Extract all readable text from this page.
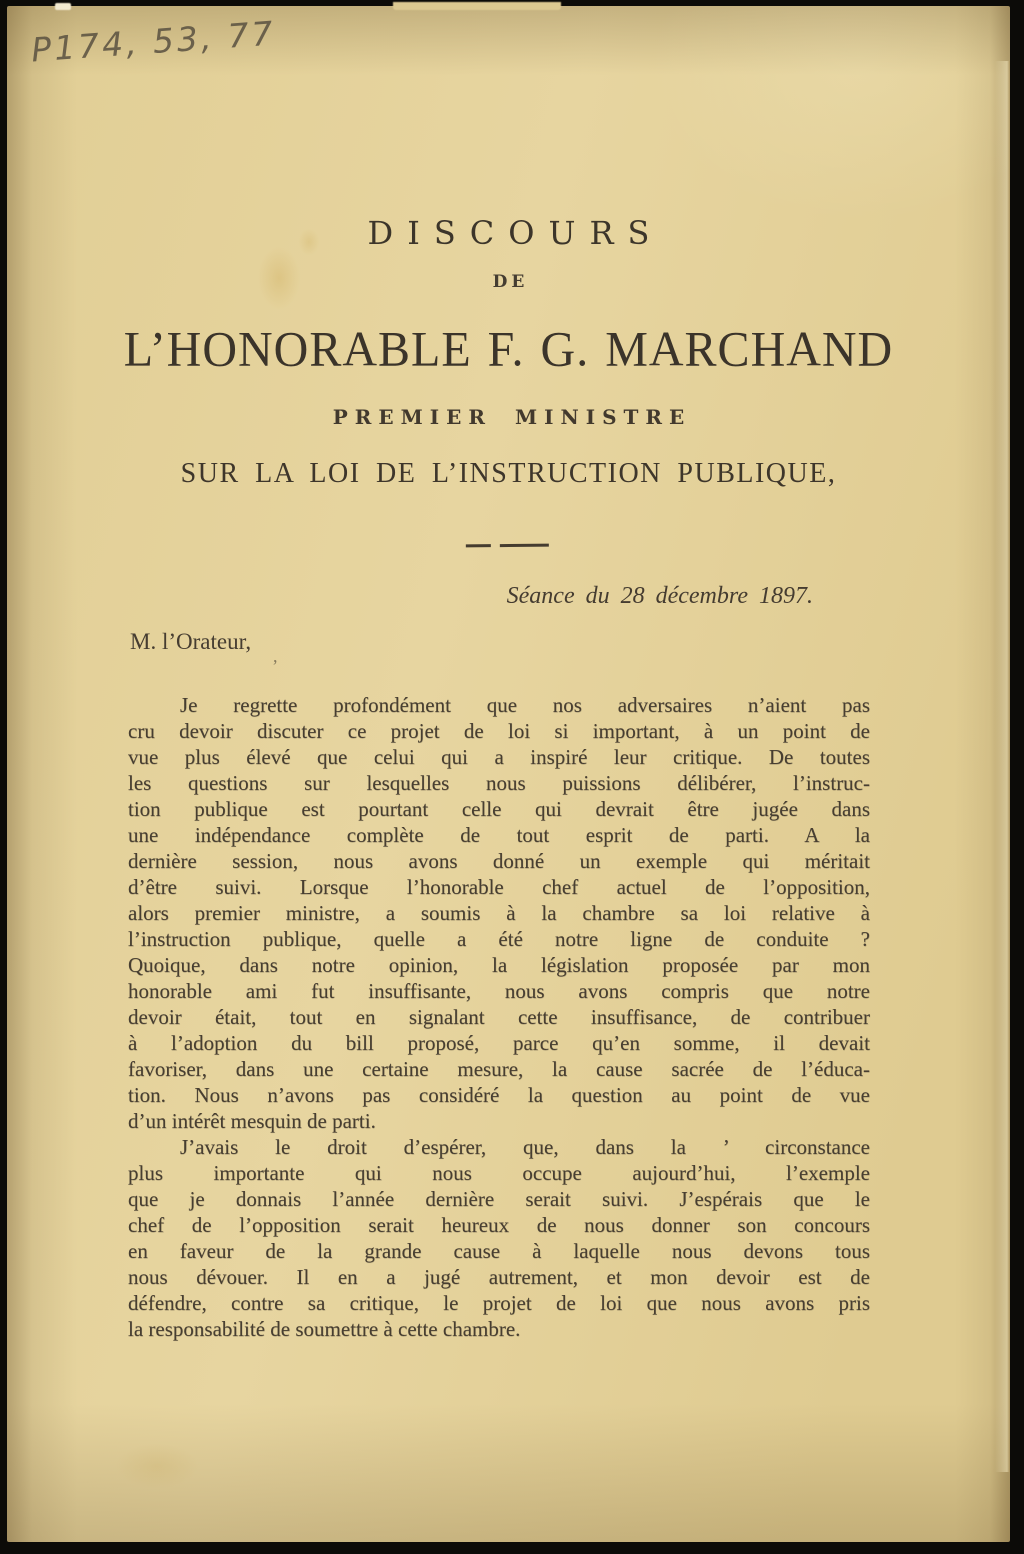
P174, 53, 77
DISCOURS
DE
L’HONORABLE F. G. MARCHAND
PREMIER MINISTRE
SUR LA LOI DE L’INSTRUCTION PUBLIQUE,
Séance du 28 décembre 1897.
M. l’Orateur,
,
Je regrette profondément que nos adversaires n’aient pas
cru devoir discuter ce projet de loi si important, à un point de
vue plus élevé que celui qui a inspiré leur critique. De toutes
les questions sur lesquelles nous puissions délibérer, l’instruc-
tion publique est pourtant celle qui devrait être jugée dans
une indépendance complète de tout esprit de parti. A la
dernière session, nous avons donné un exemple qui méritait
d’être suivi. Lorsque l’honorable chef actuel de l’opposition,
alors premier ministre, a soumis à la chambre sa loi relative à
l’instruction publique, quelle a été notre ligne de conduite ?
Quoique, dans notre opinion, la législation proposée par mon
honorable ami fut insuffisante, nous avons compris que notre
devoir était, tout en signalant cette insuffisance, de contribuer
à l’adoption du bill proposé, parce qu’en somme, il devait
favoriser, dans une certaine mesure, la cause sacrée de l’éduca-
tion. Nous n’avons pas considéré la question au point de vue
d’un intérêt mesquin de parti.
J’avais le droit d’espérer, que, dans la ’ circonstance
plus importante qui nous occupe aujourd’hui, l’exemple
que je donnais l’année dernière serait suivi. J’espérais que le
chef de l’opposition serait heureux de nous donner son concours
en faveur de la grande cause à laquelle nous devons tous
nous dévouer. Il en a jugé autrement, et mon devoir est de
défendre, contre sa critique, le projet de loi que nous avons pris
la responsabilité de soumettre à cette chambre.
